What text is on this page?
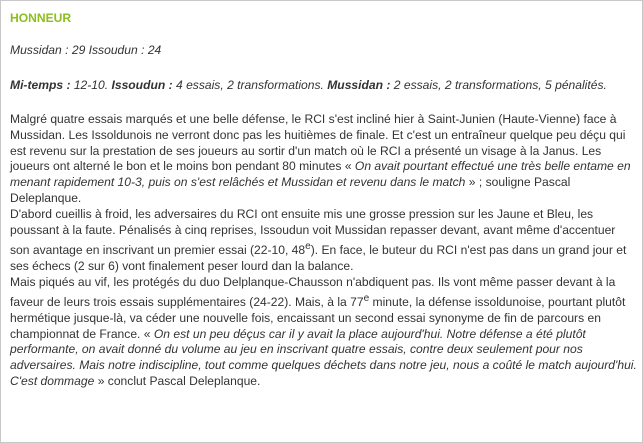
HONNEUR

Mussidan : 29 Issoudun : 24

Mi-temps : 12-10. Issoudun : 4 essais, 2 transformations. Mussidan : 2 essais, 2 transformations, 5 pénalités.

Malgré quatre essais marqués et une belle défense, le RCI s'est incliné hier à Saint-Junien (Haute-Vienne) face à Mussidan. Les Issoldunois ne verront donc pas les huitièmes de finale. Et c'est un entraîneur quelque peu déçu qui est revenu sur la prestation de ses joueurs au sortir d'un match où le RCI a présenté un visage à la Janus. Les joueurs ont alterné le bon et le moins bon pendant 80 minutes « On avait pourtant effectué une très belle entame en menant rapidement 10-3, puis on s'est relâchés et Mussidan et revenu dans le match » ; souligne Pascal Deleplanque.

D'abord cueillis à froid, les adversaires du RCI ont ensuite mis une grosse pression sur les Jaune et Bleu, les poussant à la faute. Pénalisés à cinq reprises, Issoudun voit Mussidan repasser devant, avant même d'accentuer son avantage en inscrivant un premier essai (22-10, 48e). En face, le buteur du RCI n'est pas dans un grand jour et ses échecs (2 sur 6) vont finalement peser lourd dan la balance.

Mais piqués au vif, les protégés du duo Delplanque-Chausson n'abdiquent pas. Ils vont même passer devant à la faveur de leurs trois essais supplémentaires (24-22). Mais, à la 77e minute, la défense issoldunoise, pourtant plutôt hermétique jusque-là, va céder une nouvelle fois, encaissant un second essai synonyme de fin de parcours en championnat de France. « On est un peu déçus car il y avait la place aujourd'hui. Notre défense a été plutôt performante, on avait donné du volume au jeu en inscrivant quatre essais, contre deux seulement pour nos adversaires. Mais notre indiscipline, tout comme quelques déchets dans notre jeu, nous a coûté le match aujourd'hui. C'est dommage » conclut Pascal Deleplanque.
